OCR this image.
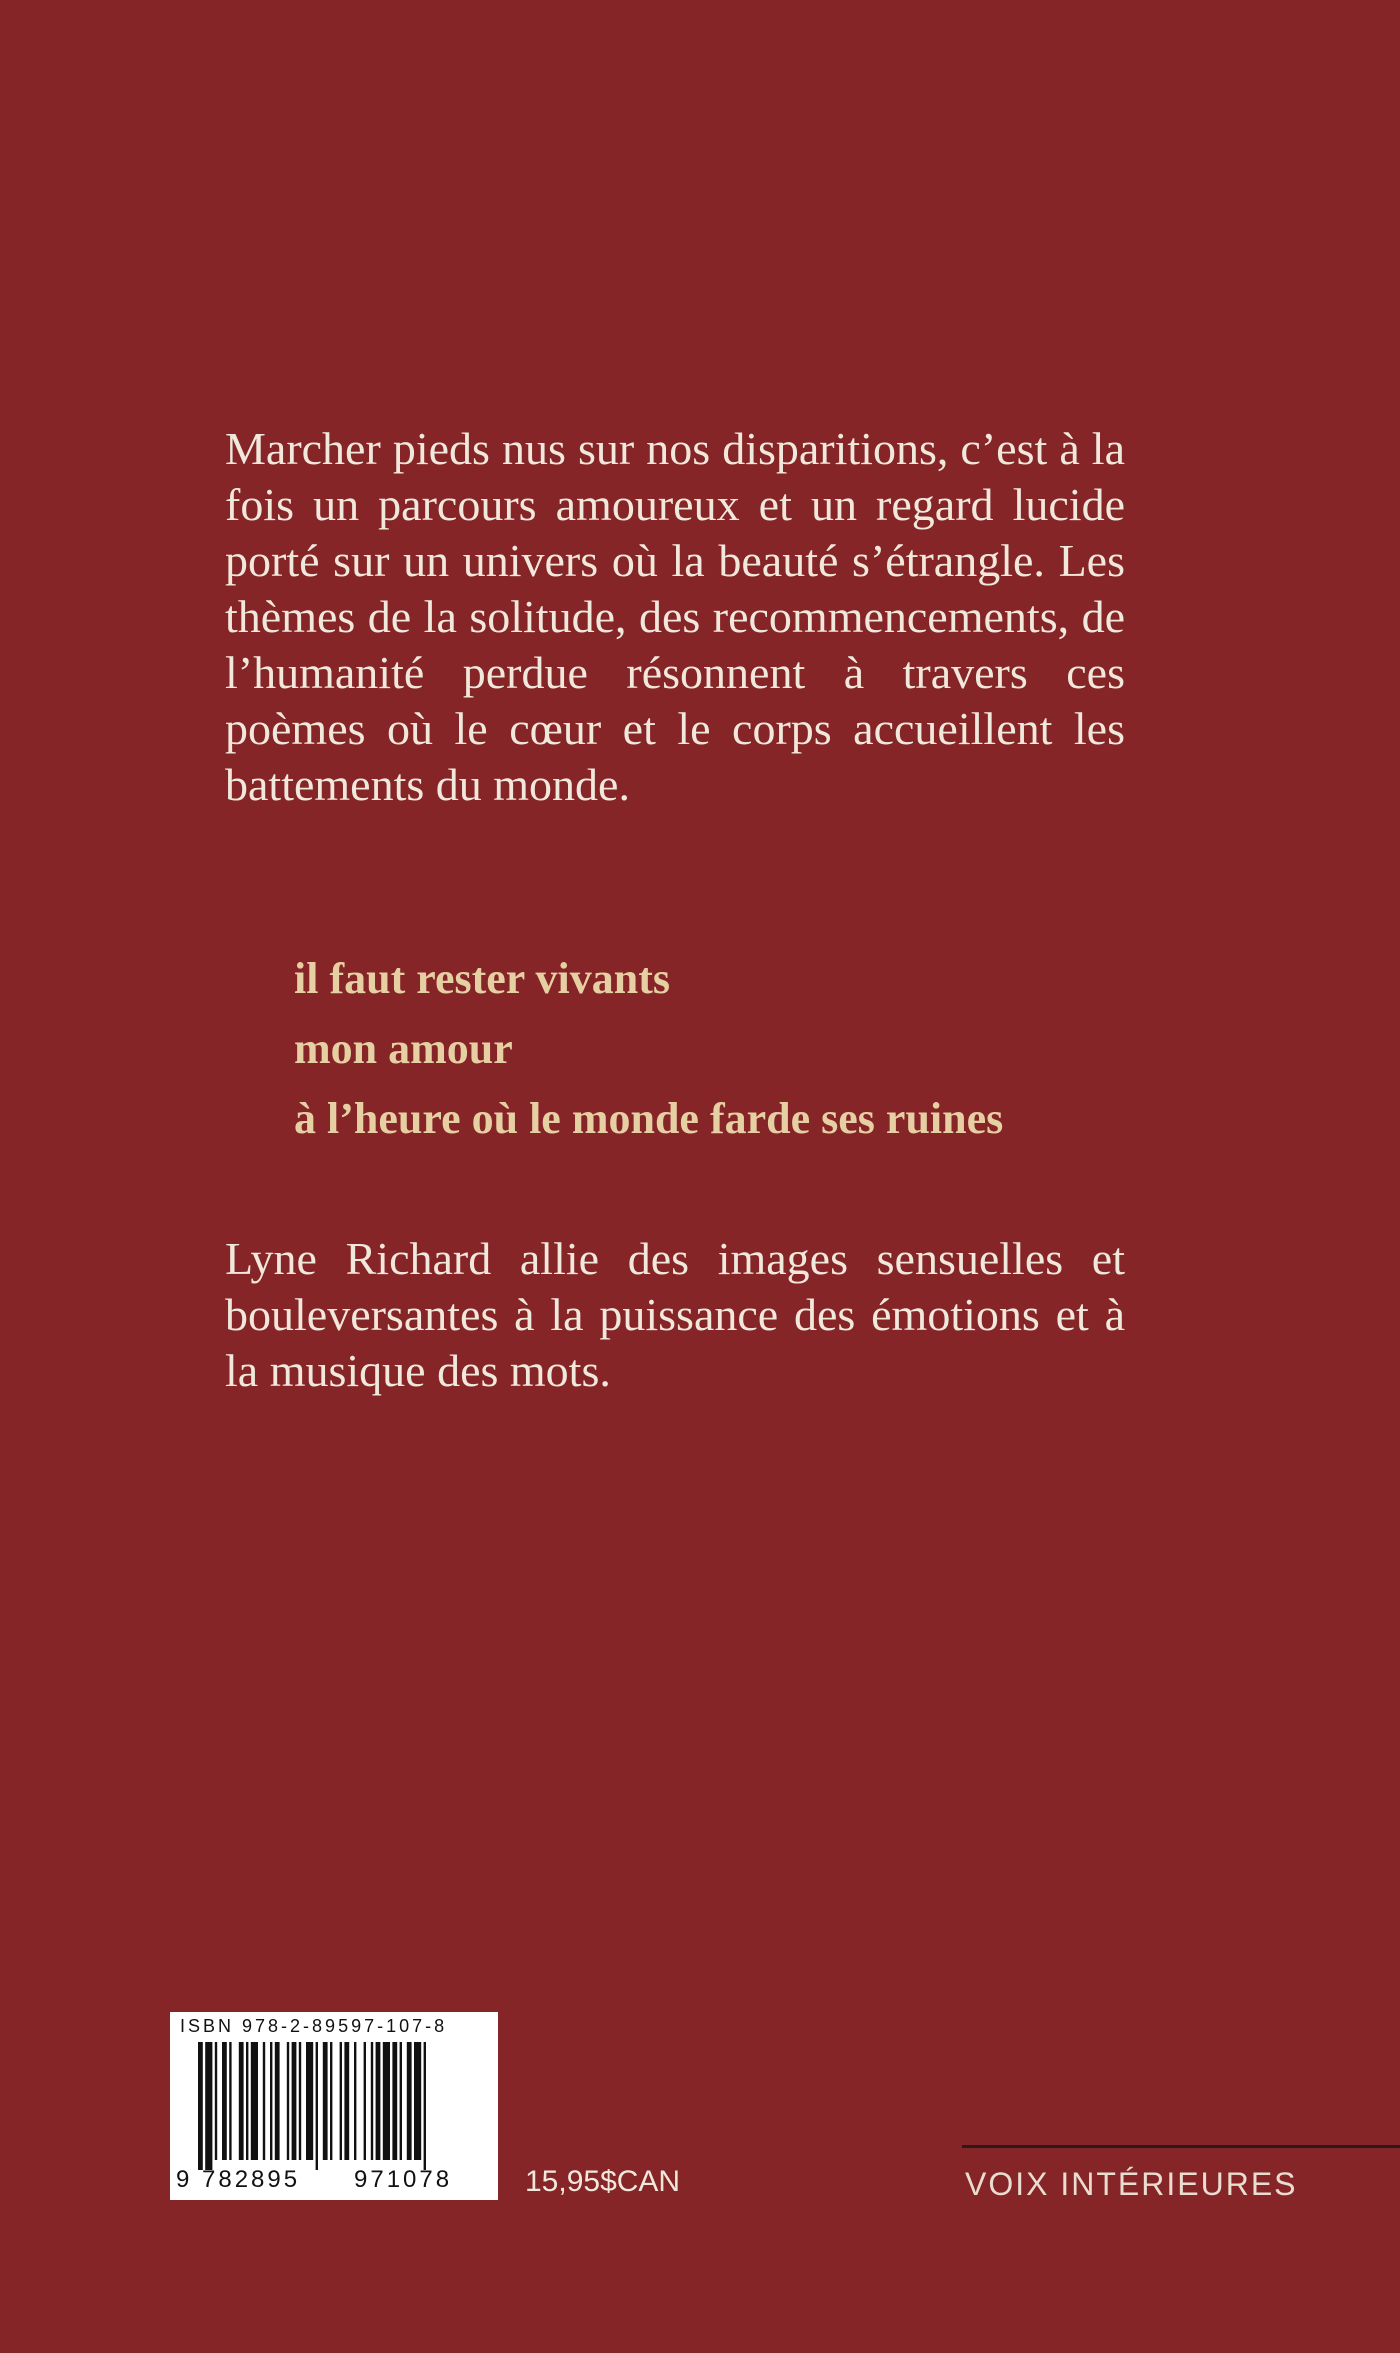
Marcher pieds nus sur nos disparitions, c’est à la fois un parcours amoureux et un regard lucide porté sur un univers où la beauté s’étrangle. Les thèmes de la solitude, des recommencements, de l’humanité perdue résonnent à travers ces poèmes où le cœur et le corps accueillent les battements du monde.

il faut rester vivants

mon amour

à l’heure où le monde farde ses ruines

Lyne Richard allie des images sensuelles et bouleversantes à la puissance des émotions et à la musique des mots.

ISBN 978-2-89597-107-8
9 782895 971078 15,95$CAN	VOIX INTÉRIEURES
